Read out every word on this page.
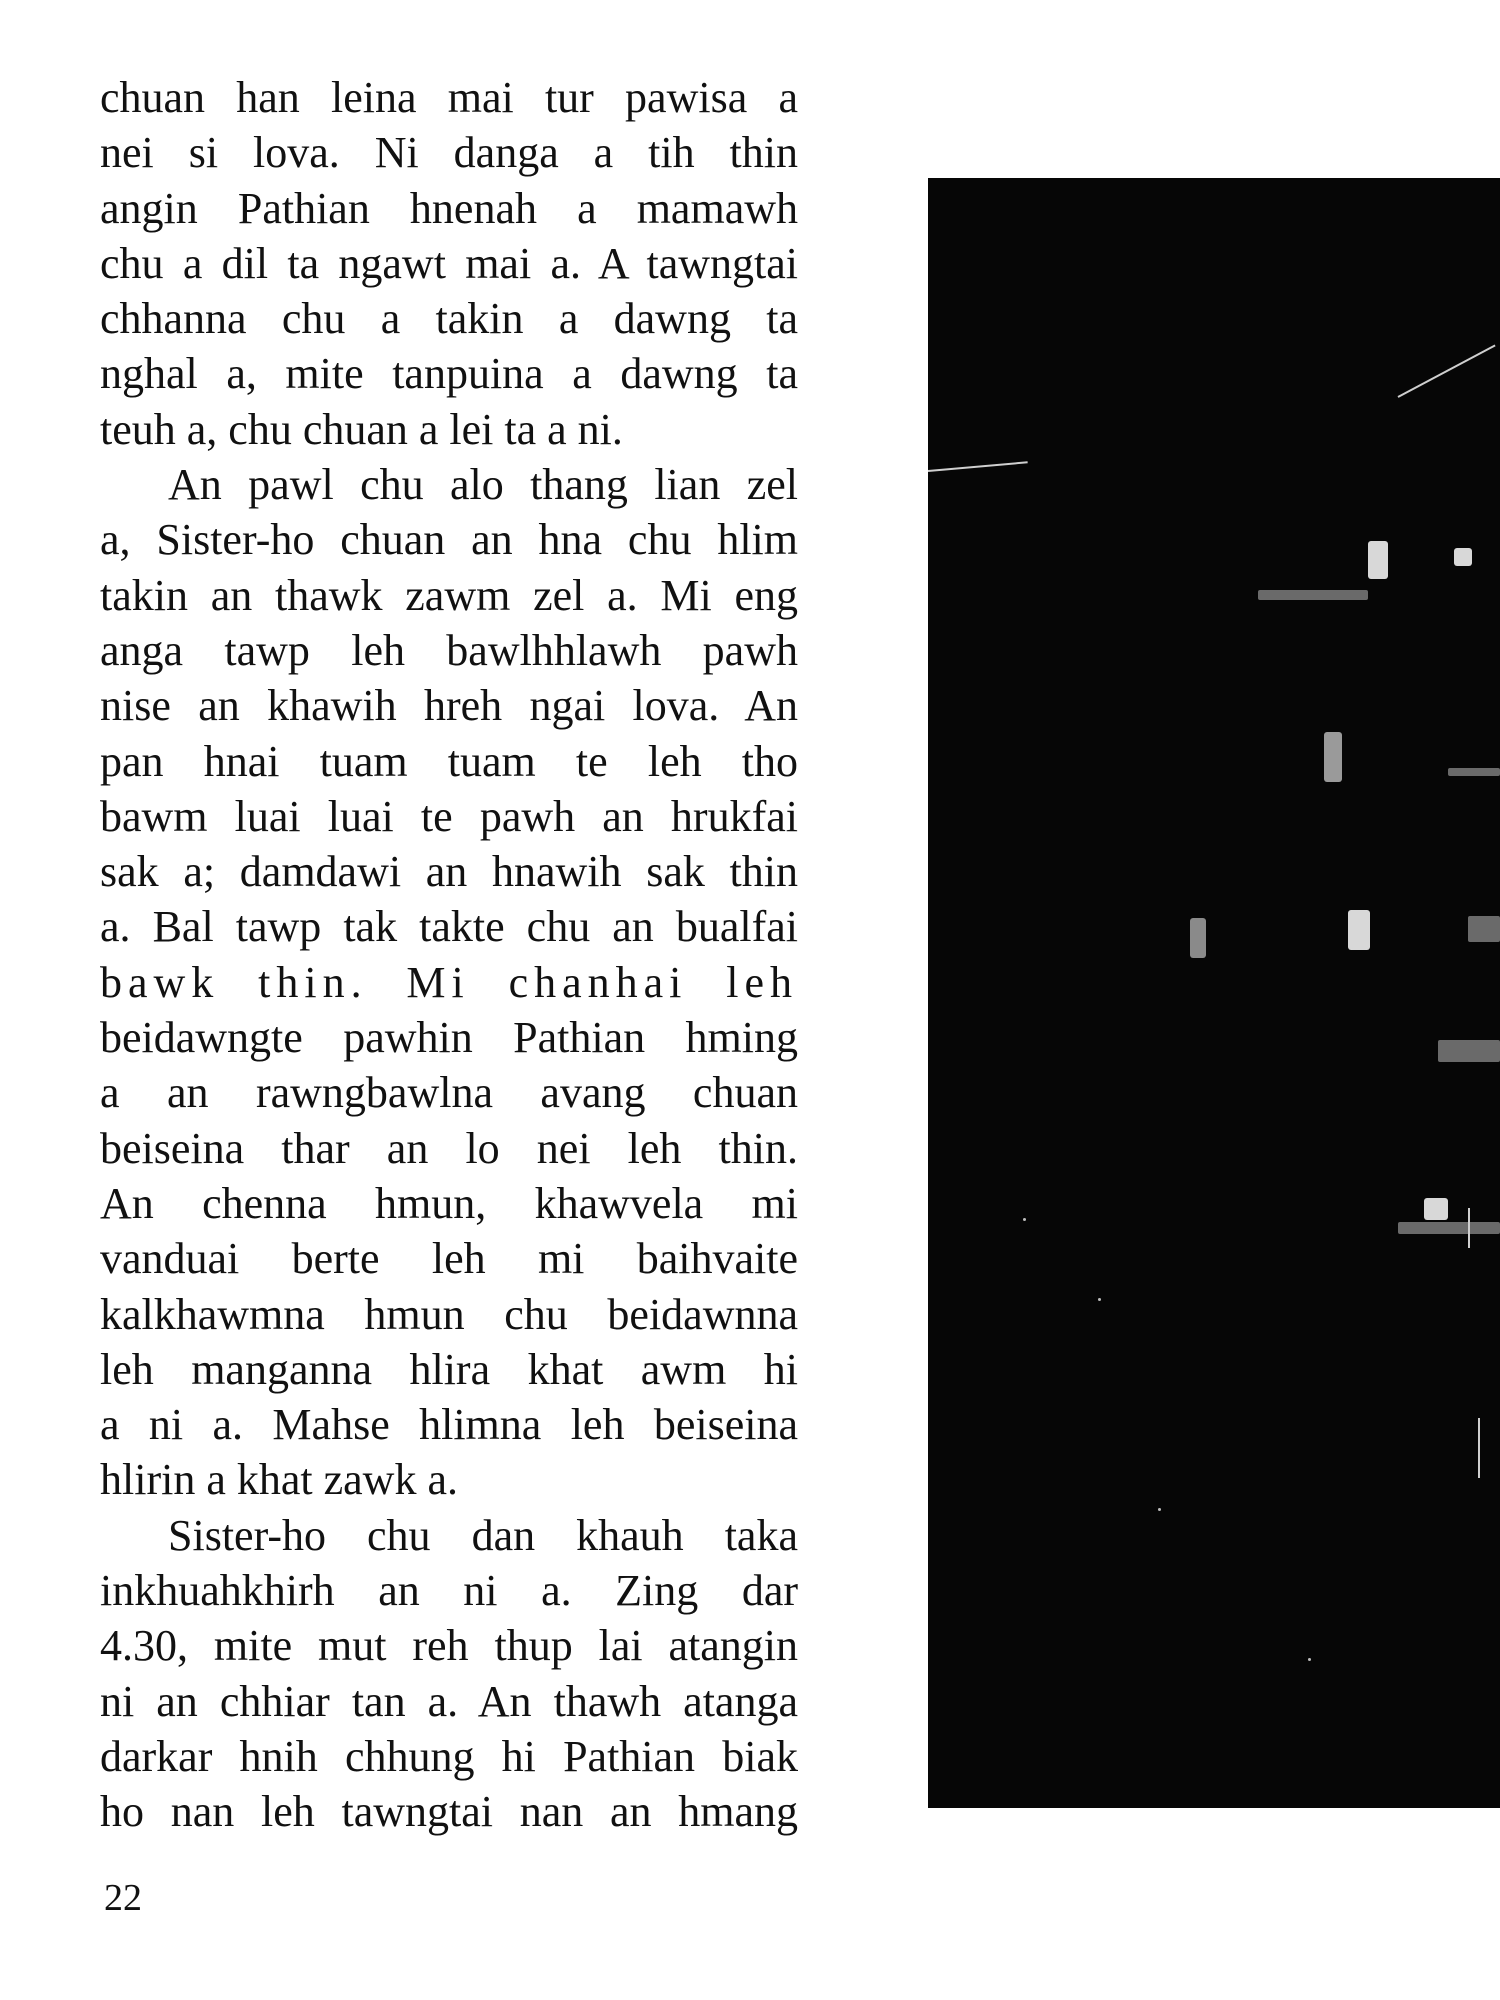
chuan han leina mai tur pawisa a
nei si lova. Ni danga a tih thin
angin Pathian hnenah a mamawh
chu a dil ta ngawt mai a. A tawngtai
chhanna chu a takin a dawng ta
nghal a, mite tanpuina a dawng ta
teuh a, chu chuan a lei ta a ni.
An pawl chu alo thang lian zel
a, Sister-ho chuan an hna chu hlim
takin an thawk zawm zel a. Mi eng
anga tawp leh bawlhhlawh pawh
nise an khawih hreh ngai lova. An
pan hnai tuam tuam te leh tho
bawm luai luai te pawh an hrukfai
sak a; damdawi an hnawih sak thin
a. Bal tawp tak takte chu an bualfai
bawk thin. Mi chanhai leh
beidawngte pawhin Pathian hming
a an rawngbawlna avang chuan
beiseina thar an lo nei leh thin.
An chenna hmun, khawvela mi
vanduai berte leh mi baihvaite
kalkhawmna hmun chu beidawnna
leh manganna hlira khat awm hi
a ni a. Mahse hlimna leh beiseina
hlirin a khat zawk a.
Sister-ho chu dan khauh taka
inkhuahkhirh an ni a. Zing dar
4.30, mite mut reh thup lai atangin
ni an chhiar tan a. An thawh atanga
darkar hnih chhung hi Pathian biak
ho nan leh tawngtai nan an hmang
22
